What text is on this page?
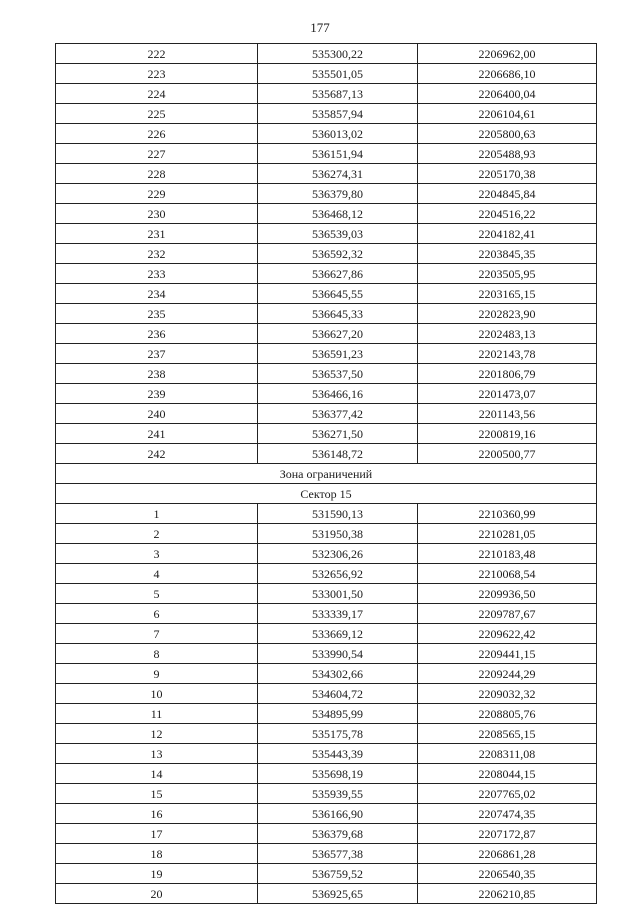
177
222	535300,22	2206962,00
223	535501,05	2206686,10
224	535687,13	2206400,04
225	535857,94	2206104,61
226	536013,02	2205800,63
227	536151,94	2205488,93
228	536274,31	2205170,38
229	536379,80	2204845,84
230	536468,12	2204516,22
231	536539,03	2204182,41
232	536592,32	2203845,35
233	536627,86	2203505,95
234	536645,55	2203165,15
235	536645,33	2202823,90
236	536627,20	2202483,13
237	536591,23	2202143,78
238	536537,50	2201806,79
239	536466,16	2201473,07
240	536377,42	2201143,56
241	536271,50	2200819,16
242	536148,72	2200500,77
Зона ограничений		
Сектор 15		
1	531590,13	2210360,99
2	531950,38	2210281,05
3	532306,26	2210183,48
4	532656,92	2210068,54
5	533001,50	2209936,50
6	533339,17	2209787,67
7	533669,12	2209622,42
8	533990,54	2209441,15
9	534302,66	2209244,29
10	534604,72	2209032,32
11	534895,99	2208805,76
12	535175,78	2208565,15
13	535443,39	2208311,08
14	535698,19	2208044,15
15	535939,55	2207765,02
16	536166,90	2207474,35
17	536379,68	2207172,87
18	536577,38	2206861,28
19	536759,52	2206540,35
20	536925,65	2206210,85
